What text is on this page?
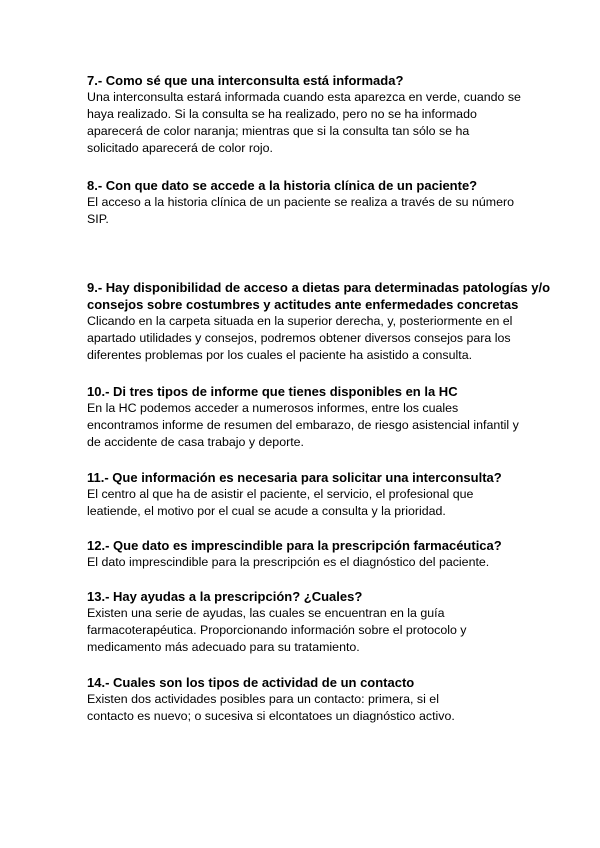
7.- Como sé que una interconsulta está informada?

Una interconsulta estará informada cuando esta aparezca en verde, cuando se
haya realizado. Si la consulta se ha realizado, pero no se ha informado
aparecerá de color naranja; mientras que si la consulta tan sólo se ha
solicitado aparecerá de color rojo.

8.- Con que dato se accede a la historia clínica de un paciente?

El acceso a la historia clínica de un paciente se realiza a través de su número
SIP.

9.- Hay disponibilidad de acceso a dietas para determinadas patologías y/o
consejos sobre costumbres y actitudes ante enfermedades concretas

Clicando en la carpeta situada en la superior derecha, y, posteriormente en el
apartado utilidades y consejos, podremos obtener diversos consejos para los
diferentes problemas por los cuales el paciente ha asistido a consulta.

10.- Di tres tipos de informe que tienes disponibles en la HC

En la HC podemos acceder a numerosos informes, entre los cuales
encontramos informe de resumen del embarazo, de riesgo asistencial infantil y
de accidente de casa trabajo y deporte.

11.- Que información es necesaria para solicitar una interconsulta?

El centro al que ha de asistir el paciente, el servicio, el profesional que
leatiende, el motivo por el cual se acude a consulta y la prioridad.

12.- Que dato es imprescindible para la prescripción farmacéutica?

El dato imprescindible para la prescripción es el diagnóstico del paciente.

13.- Hay ayudas a la prescripción? ¿Cuales?

Existen una serie de ayudas, las cuales se encuentran en la guía
farmacoterapéutica. Proporcionando información sobre el protocolo y
medicamento más adecuado para su tratamiento.

14.- Cuales son los tipos de actividad de un contacto

Existen dos actividades posibles para un contacto: primera, si el
contacto es nuevo; o sucesiva si elcontatoes un diagnóstico activo.
